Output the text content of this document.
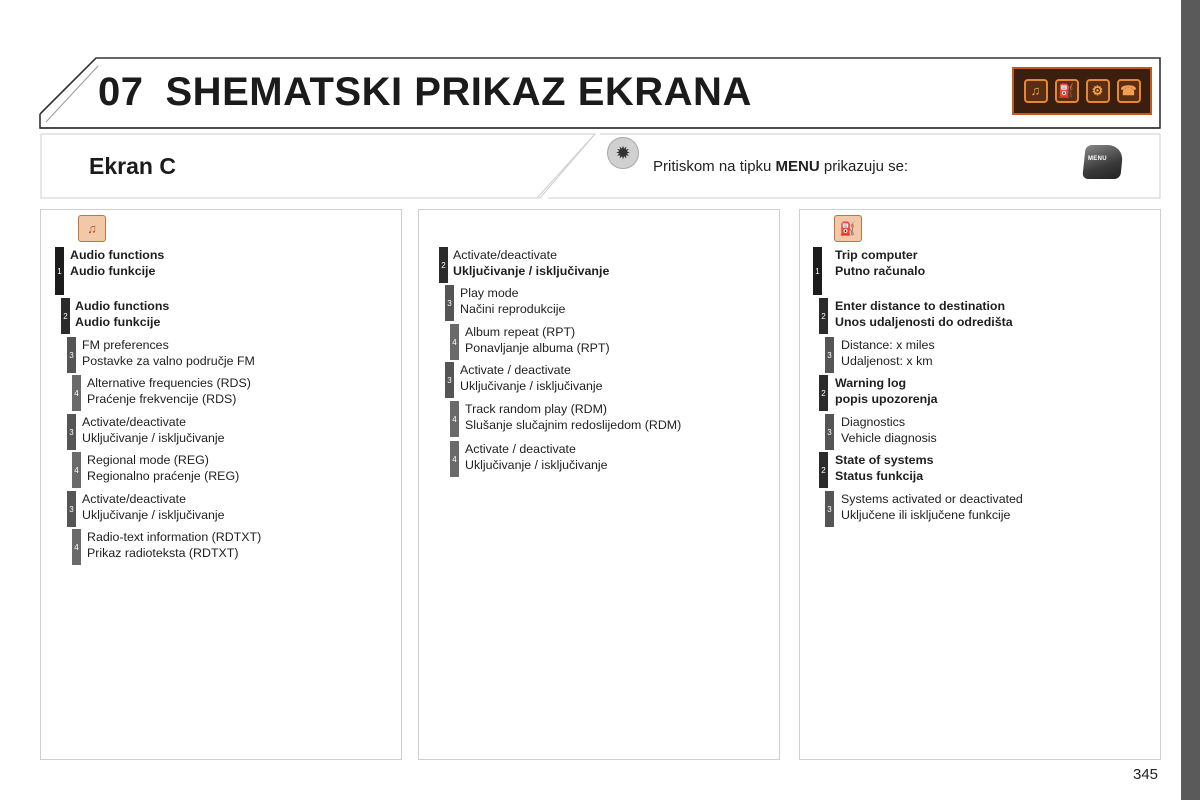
07 SHEMATSKI PRIKAZ EKRANA	♫	⛽	⚙	☎
Ekran C	✹
Pritiskom na tipku MENU prikazuju se:	MENU
♫
1
Audio functions
Audio funkcije
2
Audio functions
Audio funkcije
3
FM preferences
Postavke za valno područje FM
4
Alternative frequencies (RDS)
Praćenje frekvencije (RDS)
3
Activate/deactivate
Uključivanje / isključivanje
4
Regional mode (REG)
Regionalno praćenje (REG)
3
Activate/deactivate
Uključivanje / isključivanje
4
Radio-text information (RDTXT)
Prikaz radioteksta (RDTXT)
2
Activate/deactivate
Uključivanje / isključivanje
3
Play mode
Načini reprodukcije
4
Album repeat (RPT)
Ponavljanje albuma (RPT)
3
Activate / deactivate
Uključivanje / isključivanje
4
Track random play (RDM)
Slušanje slučajnim redoslijedom (RDM)
4
Activate / deactivate
Uključivanje / isključivanje
⛽
1
Trip computer
Putno računalo
2
Enter distance to destination
Unos udaljenosti do odredišta
3
Distance: x miles
Udaljenost: x km
2
Warning log
popis upozorenja
3
Diagnostics
Vehicle diagnosis
2
State of systems
Status funkcija
3
Systems activated or deactivated
Uključene ili isključene funkcije
345
